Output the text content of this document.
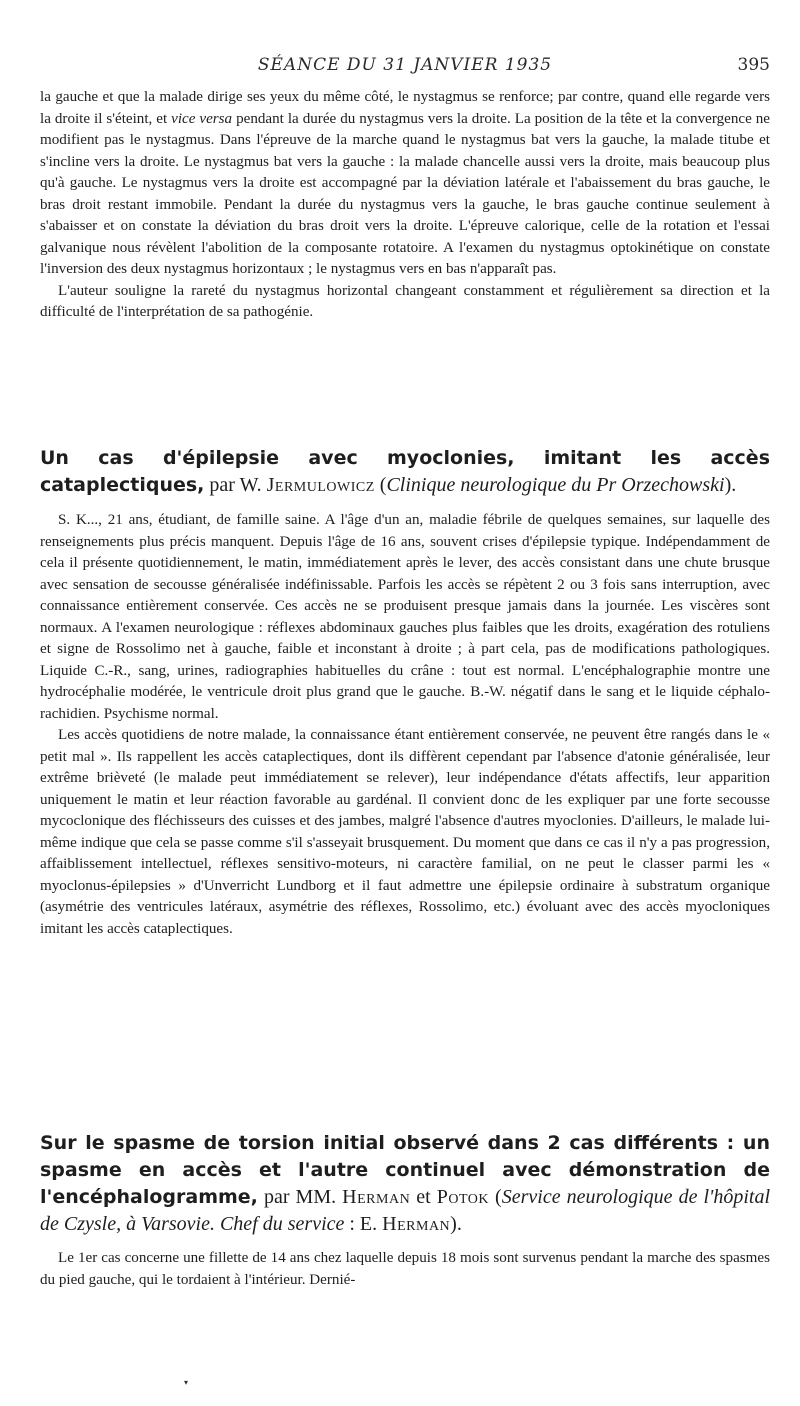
SÉANCE DU 31 JANVIER 1935	395

la gauche et que la malade dirige ses yeux du même côté, le nystagmus se renforce; par contre, quand elle regarde vers la droite il s'éteint, et vice versa pendant la durée du nystagmus vers la droite. La position de la tête et la convergence ne modifient pas le nystagmus. Dans l'épreuve de la marche quand le nystagmus bat vers la gauche, la malade titube et s'incline vers la droite. Le nystagmus bat vers la gauche : la malade chancelle aussi vers la droite, mais beaucoup plus qu'à gauche. Le nystagmus vers la droite est accompagné par la déviation latérale et l'abaissement du bras gauche, le bras droit restant immobile. Pendant la durée du nystagmus vers la gauche, le bras gauche continue seulement à s'abaisser et on constate la déviation du bras droit vers la droite. L'épreuve calorique, celle de la rotation et l'essai galvanique nous révèlent l'abolition de la composante rotatoire. A l'examen du nystagmus optokinétique on constate l'inversion des deux nystagmus horizontaux ; le nystagmus vers en bas n'apparaît pas.

L'auteur souligne la rareté du nystagmus horizontal changeant constamment et régulièrement sa direction et la difficulté de l'interprétation de sa pathogénie.

Un cas d'épilepsie avec myoclonies, imitant les accès cataplectiques, par W. Jermulowicz (Clinique neurologique du Pr Orzechowski).

S. K..., 21 ans, étudiant, de famille saine. A l'âge d'un an, maladie fébrile de quelques semaines, sur laquelle des renseignements plus précis manquent. Depuis l'âge de 16 ans, souvent crises d'épilepsie typique. Indépendamment de cela il présente quotidiennement, le matin, immédiatement après le lever, des accès consistant dans une chute brusque avec sensation de secousse généralisée indéfinissable. Parfois les accès se répètent 2 ou 3 fois sans interruption, avec connaissance entièrement conservée. Ces accès ne se produisent presque jamais dans la journée. Les viscères sont normaux. A l'examen neurologique : réflexes abdominaux gauches plus faibles que les droits, exagération des rotuliens et signe de Rossolimo net à gauche, faible et inconstant à droite ; à part cela, pas de modifications pathologiques. Liquide C.-R., sang, urines, radiographies habituelles du crâne : tout est normal. L'encéphalographie montre une hydrocéphalie modérée, le ventricule droit plus grand que le gauche. B.-W. négatif dans le sang et le liquide céphalo-rachidien. Psychisme normal.

Les accès quotidiens de notre malade, la connaissance étant entièrement conservée, ne peuvent être rangés dans le « petit mal ». Ils rappellent les accès cataplectiques, dont ils diffèrent cependant par l'absence d'atonie généralisée, leur extrême brièveté (le malade peut immédiatement se relever), leur indépendance d'états affectifs, leur apparition uniquement le matin et leur réaction favorable au gardénal. Il convient donc de les expliquer par une forte secousse mycoclonique des fléchisseurs des cuisses et des jambes, malgré l'absence d'autres myoclonies. D'ailleurs, le malade lui-même indique que cela se passe comme s'il s'asseyait brusquement. Du moment que dans ce cas il n'y a pas progression, affaiblissement intellectuel, réflexes sensitivo-moteurs, ni caractère familial, on ne peut le classer parmi les « myoclonus-épilepsies » d'Unverricht Lundborg et il faut admettre une épilepsie ordinaire à substratum organique (asymétrie des ventricules latéraux, asymétrie des réflexes, Rossolimo, etc.) évoluant avec des accès myocloniques imitant les accès cataplectiques.

Sur le spasme de torsion initial observé dans 2 cas différents : un spasme en accès et l'autre continuel avec démonstration de l'encéphalogramme, par MM. Herman et Potok (Service neurologique de l'hôpital de Czysle, à Varsovie. Chef du service : E. Herman).

Le 1er cas concerne une fillette de 14 ans chez laquelle depuis 18 mois sont survenus pendant la marche des spasmes du pied gauche, qui le tordaient à l'intérieur. Dernié-

▾
